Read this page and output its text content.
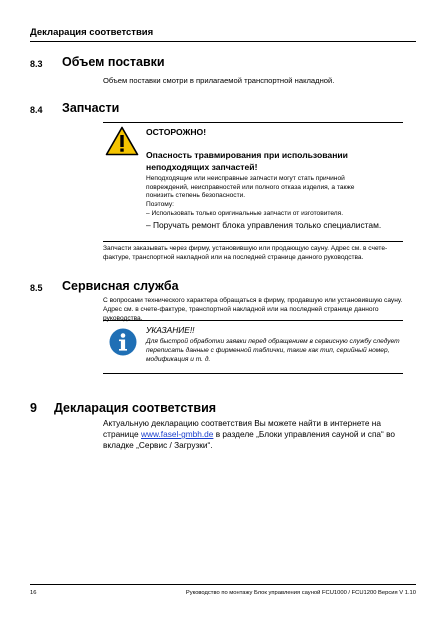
Декларация соответствия
8.3 Объем поставки
Объем поставки смотри в прилагаемой транспортной накладной.
8.4 Запчасти
ОСТОРОЖНО!
Опасность травмирования при использовании неподходящих запчастей!
Неподходящие или неисправные запчасти могут стать причиной
повреждений, неисправностей или полного отказа изделия, а также
понизить степень безопасности.
Поэтому:
– Использовать только оригинальные запчасти от изготовителя.
– Поручать ремонт блока управления только специалистам.
Запчасти заказывать через фирму, установившую или продающую сауну. Адрес см. в счете-фактуре, транспортной накладной или на последней странице данного руководства.
8.5 Сервисная служба
С вопросами технического характера обращаться в фирму, продавшую или установившую сауну. Адрес см. в счете-фактуре, транспортной накладной или на последней странице данного руководства.
УКАЗАНИЕ!!
Для быстрой обработки заявки перед обращением в сервисную службу следует переписать данные с фирменной таблички, такие как тип, серийный номер, модификация и т. д.
9 Декларация соответствия
Актуальную декларацию соответствия Вы можете найти в интернете на странице www.fasel-gmbh.de в разделе „Блоки управления сауной и спа“ во вкладке „Сервис / Загрузки“.
16	Руководство по монтажу Блок управления сауной FCU1000 / FCU1200 Версия V 1.10
